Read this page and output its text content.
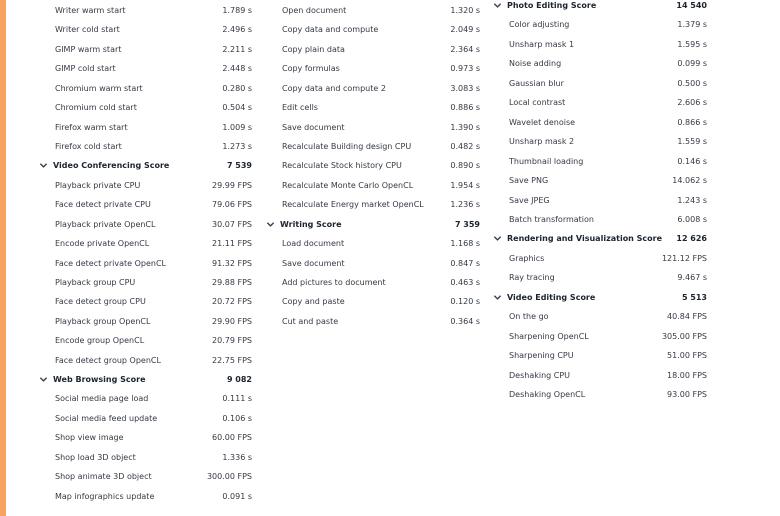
Writer warm start	1.789 s
Writer cold start	2.496 s
GIMP warm start	2.211 s
GIMP cold start	2.448 s
Chromium warm start	0.280 s
Chromium cold start	0.504 s
Firefox warm start	1.009 s
Firefox cold start	1.273 s
Video Conferencing Score	7 539
Playback private CPU	29.99 FPS
Face detect private CPU	79.06 FPS
Playback private OpenCL	30.07 FPS
Encode private OpenCL	21.11 FPS
Face detect private OpenCL	91.32 FPS
Playback group CPU	29.88 FPS
Face detect group CPU	20.72 FPS
Playback group OpenCL	29.90 FPS
Encode group OpenCL	20.79 FPS
Face detect group OpenCL	22.75 FPS
Web Browsing Score	9 082
Social media page load	0.111 s
Social media feed update	0.106 s
Shop view image	60.00 FPS
Shop load 3D object	1.336 s
Shop animate 3D object	300.00 FPS
Map infographics update	0.091 s
Open document	1.320 s
Copy data and compute	2.049 s
Copy plain data	2.364 s
Copy formulas	0.973 s
Copy data and compute 2	3.083 s
Edit cells	0.886 s
Save document	1.390 s
Recalculate Building design CPU	0.482 s
Recalculate Stock history CPU	0.890 s
Recalculate Monte Carlo OpenCL	1.954 s
Recalculate Energy market OpenCL	1.236 s
Writing Score	7 359
Load document	1.168 s
Save document	0.847 s
Add pictures to document	0.463 s
Copy and paste	0.120 s
Cut and paste	0.364 s
Photo Editing Score	14 540
Color adjusting	1.379 s
Unsharp mask 1	1.595 s
Noise adding	0.099 s
Gaussian blur	0.500 s
Local contrast	2.606 s
Wavelet denoise	0.866 s
Unsharp mask 2	1.559 s
Thumbnail loading	0.146 s
Save PNG	14.062 s
Save JPEG	1.243 s
Batch transformation	6.008 s
Rendering and Visualization Score 12 626
Graphics	121.12 FPS
Ray tracing	9.467 s
Video Editing Score	5 513
On the go	40.84 FPS
Sharpening OpenCL	305.00 FPS
Sharpening CPU	51.00 FPS
Deshaking CPU	18.00 FPS
Deshaking OpenCL	93.00 FPS
